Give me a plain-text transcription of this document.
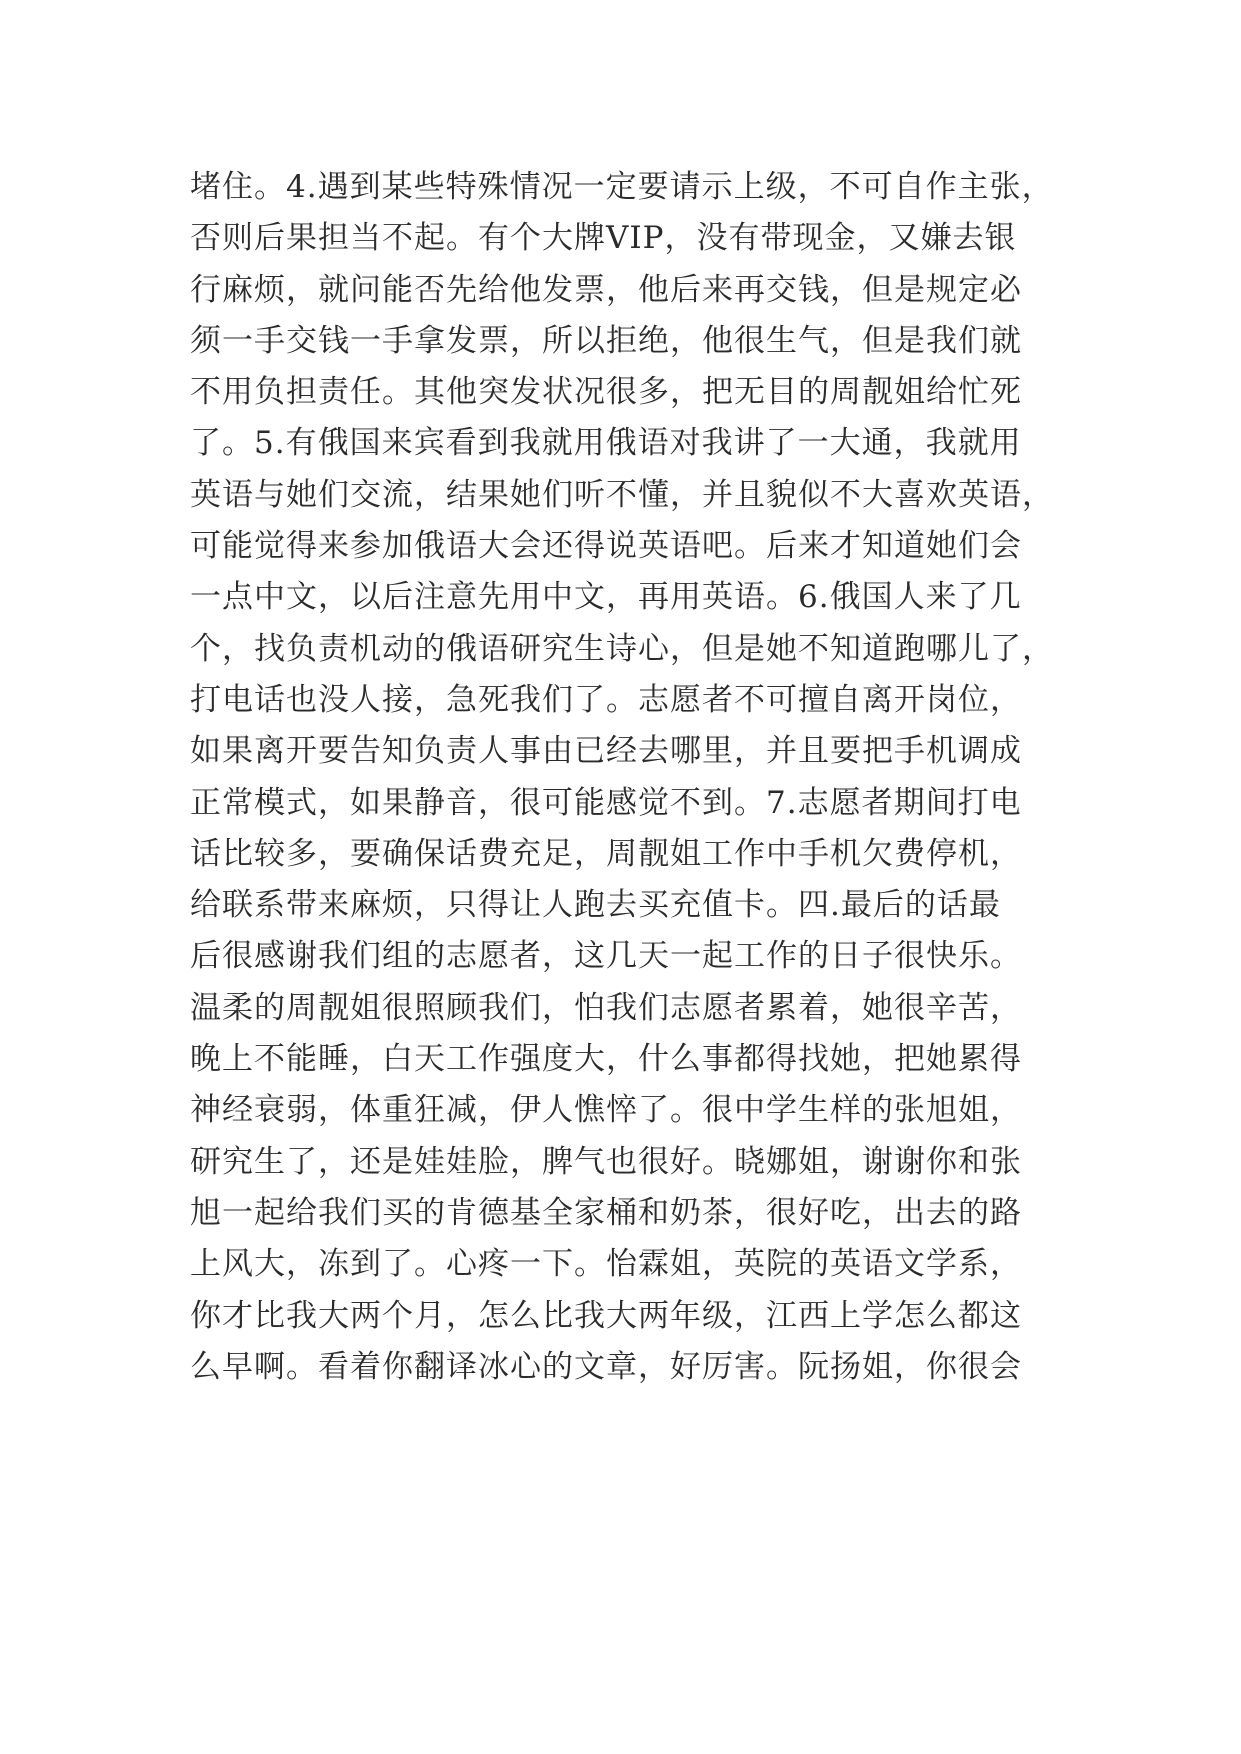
堵住。4.遇到某些特殊情况一定要请示上级，不可自作主张，
否则后果担当不起。有个大牌VIP，没有带现金，又嫌去银
行麻烦，就问能否先给他发票，他后来再交钱，但是规定必
须一手交钱一手拿发票，所以拒绝，他很生气，但是我们就
不用负担责任。其他突发状况很多，把无目的周靓姐给忙死
了。5.有俄国来宾看到我就用俄语对我讲了一大通，我就用
英语与她们交流，结果她们听不懂，并且貌似不大喜欢英语，
可能觉得来参加俄语大会还得说英语吧。后来才知道她们会
一点中文，以后注意先用中文，再用英语。6.俄国人来了几
个，找负责机动的俄语研究生诗心，但是她不知道跑哪儿了，
打电话也没人接，急死我们了。志愿者不可擅自离开岗位，
如果离开要告知负责人事由已经去哪里，并且要把手机调成
正常模式，如果静音，很可能感觉不到。7.志愿者期间打电
话比较多，要确保话费充足，周靓姐工作中手机欠费停机，
给联系带来麻烦，只得让人跑去买充值卡。四.最后的话最
后很感谢我们组的志愿者，这几天一起工作的日子很快乐。
温柔的周靓姐很照顾我们，怕我们志愿者累着，她很辛苦，
晚上不能睡，白天工作强度大，什么事都得找她，把她累得
神经衰弱，体重狂减，伊人憔悴了。很中学生样的张旭姐，
研究生了，还是娃娃脸，脾气也很好。晓娜姐，谢谢你和张
旭一起给我们买的肯德基全家桶和奶茶，很好吃，出去的路
上风大，冻到了。心疼一下。怡霖姐，英院的英语文学系，
你才比我大两个月，怎么比我大两年级，江西上学怎么都这
么早啊。看着你翻译冰心的文章，好厉害。阮扬姐，你很会
